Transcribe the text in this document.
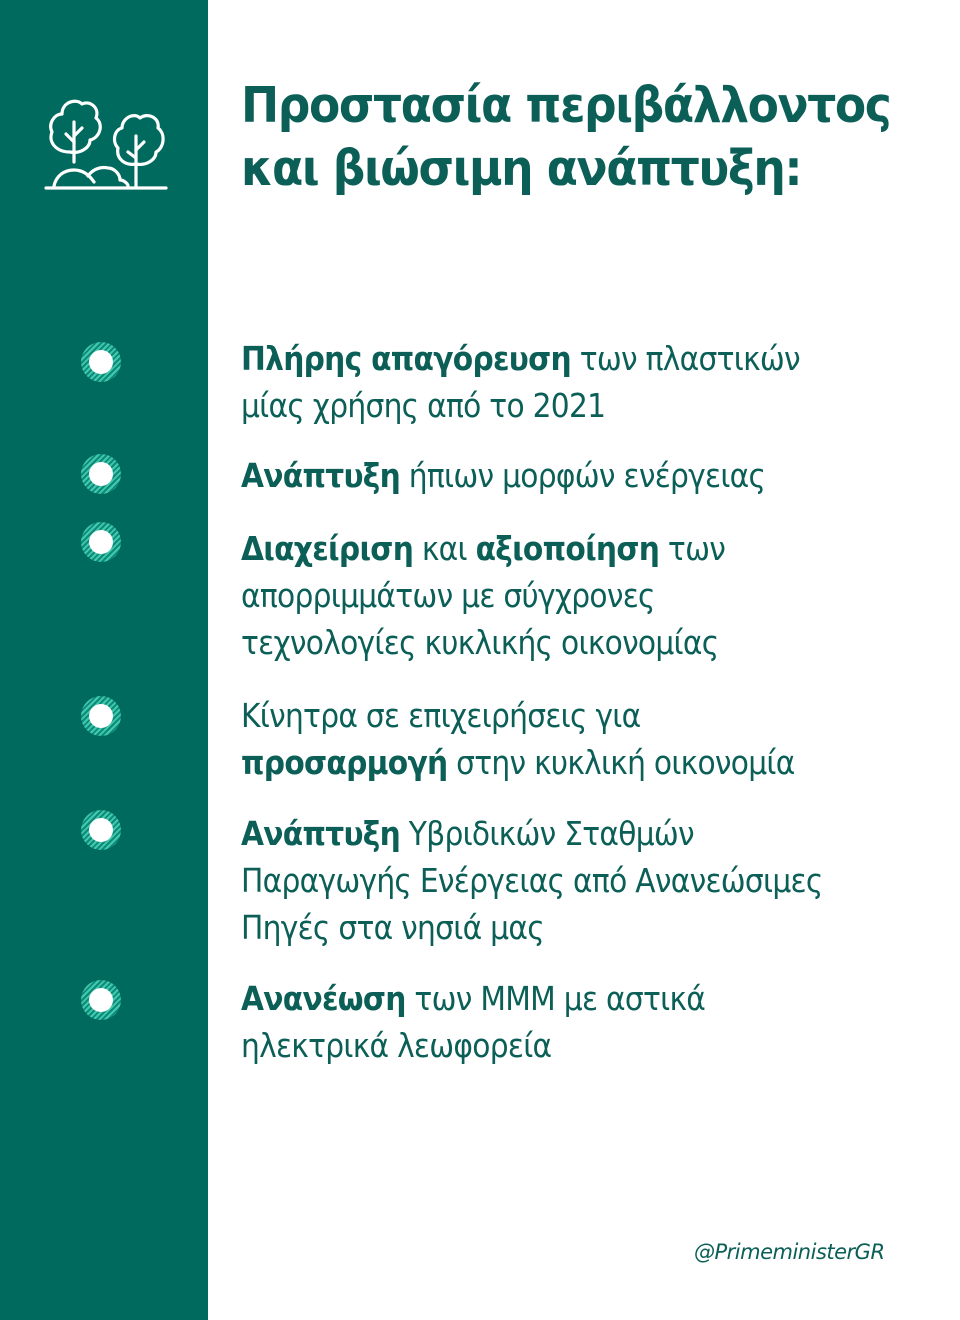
Προστασία περιβάλλοντος
και βιώσιμη ανάπτυξη:
Πλήρης απαγόρευση των πλαστικών
μίας χρήσης από το 2021
Ανάπτυξη ήπιων μορφών ενέργειας
Διαχείριση και αξιοποίηση των
απορριμμάτων με σύγχρονες
τεχνολογίες κυκλικής οικονομίας
Κίνητρα σε επιχειρήσεις για
προσαρμογή στην κυκλική οικονομία
Ανάπτυξη Υβριδικών Σταθμών
Παραγωγής Ενέργειας από Ανανεώσιμες
Πηγές στα νησιά μας
Ανανέωση των ΜΜΜ με αστικά
ηλεκτρικά λεωφορεία
@PrimeministerGR
